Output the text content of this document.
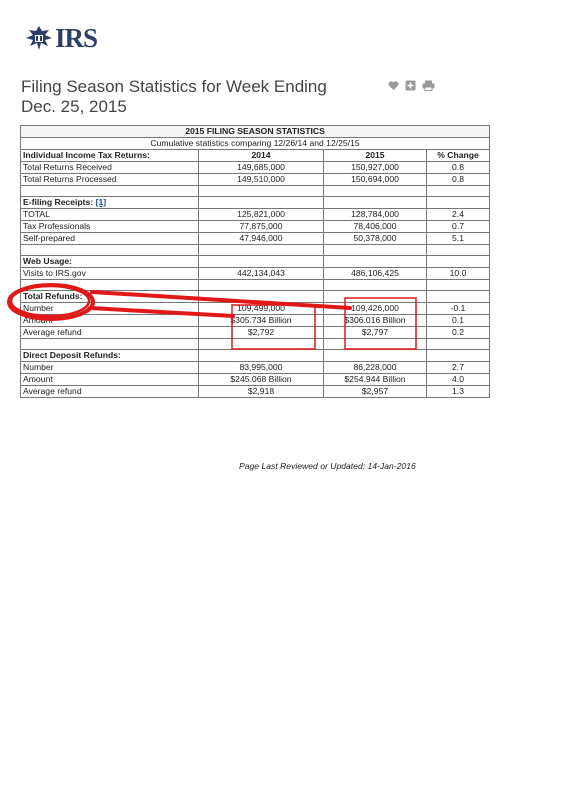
IRS
Filing Season Statistics for Week Ending
Dec. 25, 2015
2015 FILING SEASON STATISTICS			
Cumulative statistics comparing 12/26/14 and 12/25/15			
Individual Income Tax Returns:	2014	2015	% Change
Total Returns Received	149,685,000	150,927,000	0.8
Total Returns Processed	149,510,000	150,694,000	0.8

E-filing Receipts: [1]			
TOTAL	125,821,000	128,784,000	2.4
Tax Professionals	77,875,000	78,406,000	0.7
Self-prepared	47,946,000	50,378,000	5.1

Web Usage:			
Visits to IRS.gov	442,134,043	486,106,425	10.0

Total Refunds:			
Number	109,499,000	109,426,000	-0.1
Amount	$305.734 Billion	$306.016 Billion	0.1
Average refund	$2,792	$2,797	0.2

Direct Deposit Refunds:			
Number	83,995,000	86,228,000	2.7
Amount	$245.068 Billion	$254.944 Billion	4.0
Average refund	$2,918	$2,957	1.3
Page Last Reviewed or Updated: 14-Jan-2016
